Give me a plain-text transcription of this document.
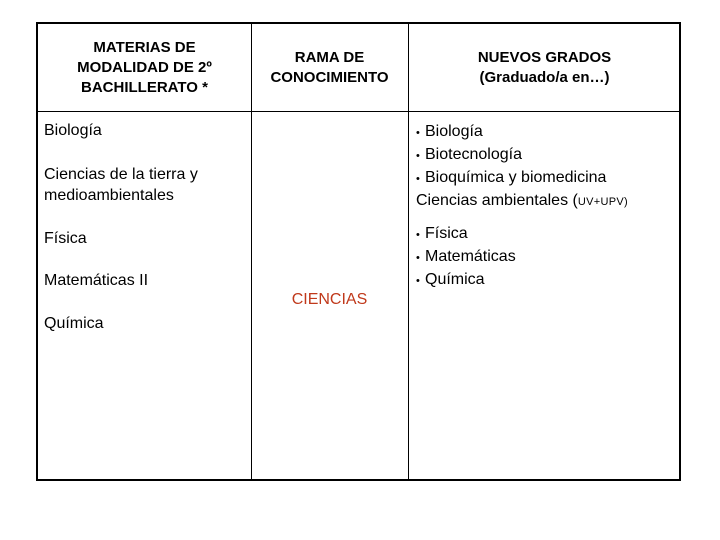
MATERIAS DE
MODALIDAD DE 2º
BACHILLERATO *
RAMA DE
CONOCIMIENTO
NUEVOS GRADOS
(Graduado/a en…)
Biología
Ciencias de la tierra y
medioambientales
Física
Matemáticas II
Química
CIENCIAS
• Biología
• Biotecnología
• Bioquímica y biomedicina
Ciencias ambientales (UV+UPV)
• Física
• Matemáticas
• Química
